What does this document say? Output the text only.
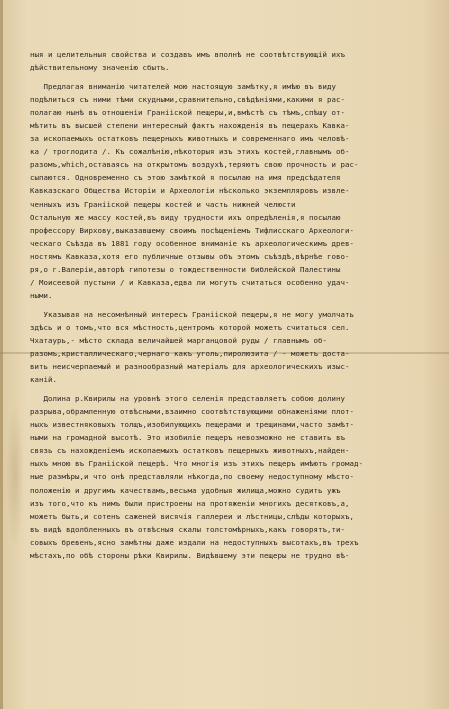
ныя и целительныя свойства и создавъ имъ вполнѣ не соотвѣтствующій ихъ
дѣйствительному значенію cбытъ.
Предлагая вниманію читателей мою настоящую замѣтку,я имѣю въ виду
подѣлиться съ ними тѣми скудными,сравнительно,свѣдѣніями,какими я рас-
полагаю нынѣ въ отношеніи Граніiской пещеры,и,вмѣстѣ съ тѣмъ,спѣшу от-
мѣтить въ высшей степени интересный фактъ нахожденія въ пещерахъ Кавка-
за ископаемыхъ остатковъ пещерныхъ животныхъ и современнаго имъ человѣ-
ка / троглодита /. Къ сожалѣнію,нѣкоторыя изъ этихъ костей,главнымъ об-
разомъ,which,оставаясь на открытомъ воздухѣ,теряютъ свою прочность и рас-
сыпаются. Одновременно съ этою замѣткой я посылаю на имя предсѣдателя
Кавказскаго Общества Исторіи и Археологіи нѣсколько экземпляровъ извле-
ченныхъ изъ Граніiской пещеры костей и часть нижней челюсти
Остальную же массу костей,въ виду трудности ихъ опредѣленія,я посылаю
профессору Вирхову,выказавшему своимъ посѣщеніемъ Тифлисскаго Археологи-
ческаго Съѣзда въ 1881 году особенное вниманіе къ археологическимъ древ-
ностямъ Кавказа,хотя его публичные отзывы объ этомъ съѣздѣ,вѣрнѣе гово-
ря,о г.Валерiи,авторѣ гипотезы о тождественности библейской Палестины
/ Моисеевой пустыни / и Кавказа,едва ли могутъ считаться особенно удач-
ными.
Указывая на несомнѣнный интересъ Граніiской пещеры,я не могу умолчать
здѣсь и о томъ,что вся мѣстность,центромъ которой можетъ считаться сел.
Чхатаурь,- мѣсто склада величайшей марганцовой руды / главнымъ об-
разомъ,кристаллическаго,чернаго какъ уголь,пиролюзита / - можетъ достa-
вить неисчерпаемый и разнообразный матеріалъ для археологическихъ изыс-
каній.
Долина р.Квирилы на уровнѣ этого селенія представляетъ собою долину
разрыва,обрамленную отвѣсными,взаимно соотвѣтствующими обнаженіями плот-
ныхъ известняковыхъ толщъ,изобилующихъ пещерами и трещинами,часто замѣт-
ными на громадной высотѣ. Это изобиліе пещеръ невозможно не ставить въ
связь съ нахожденіемъ ископаемыхъ остатковъ пещерныхъ животныхъ,найден-
ныхъ мною въ Граніiской пещерѣ. Что многія изъ этихъ пещеръ имѣютъ громад-
ные размѣры,и что онѣ представляли нѣкогда,по своему недоступному мѣсто-
положенію и другимъ качествамъ,весьма удобныя жилища,можно судить ужъ
изъ того,что къ нимъ были пристроены на протяженіи многихъ десятковъ,а,
можетъ быть,и сотенъ саженей висячія галлереи и лѣстницы,слѣды которыхъ,
въ видѣ вдолбленныхъ въ отвѣсныя скалы толстомѣрныхъ,какъ говорятъ,ти-
совыхъ бревенъ,ясно замѣтны даже издали на недоступныхъ высотахъ,въ трехъ
мѣстахъ,по обѣ стороны рѣки Квирилы. Видѣвшему эти пещеры не трудно вѣ-
